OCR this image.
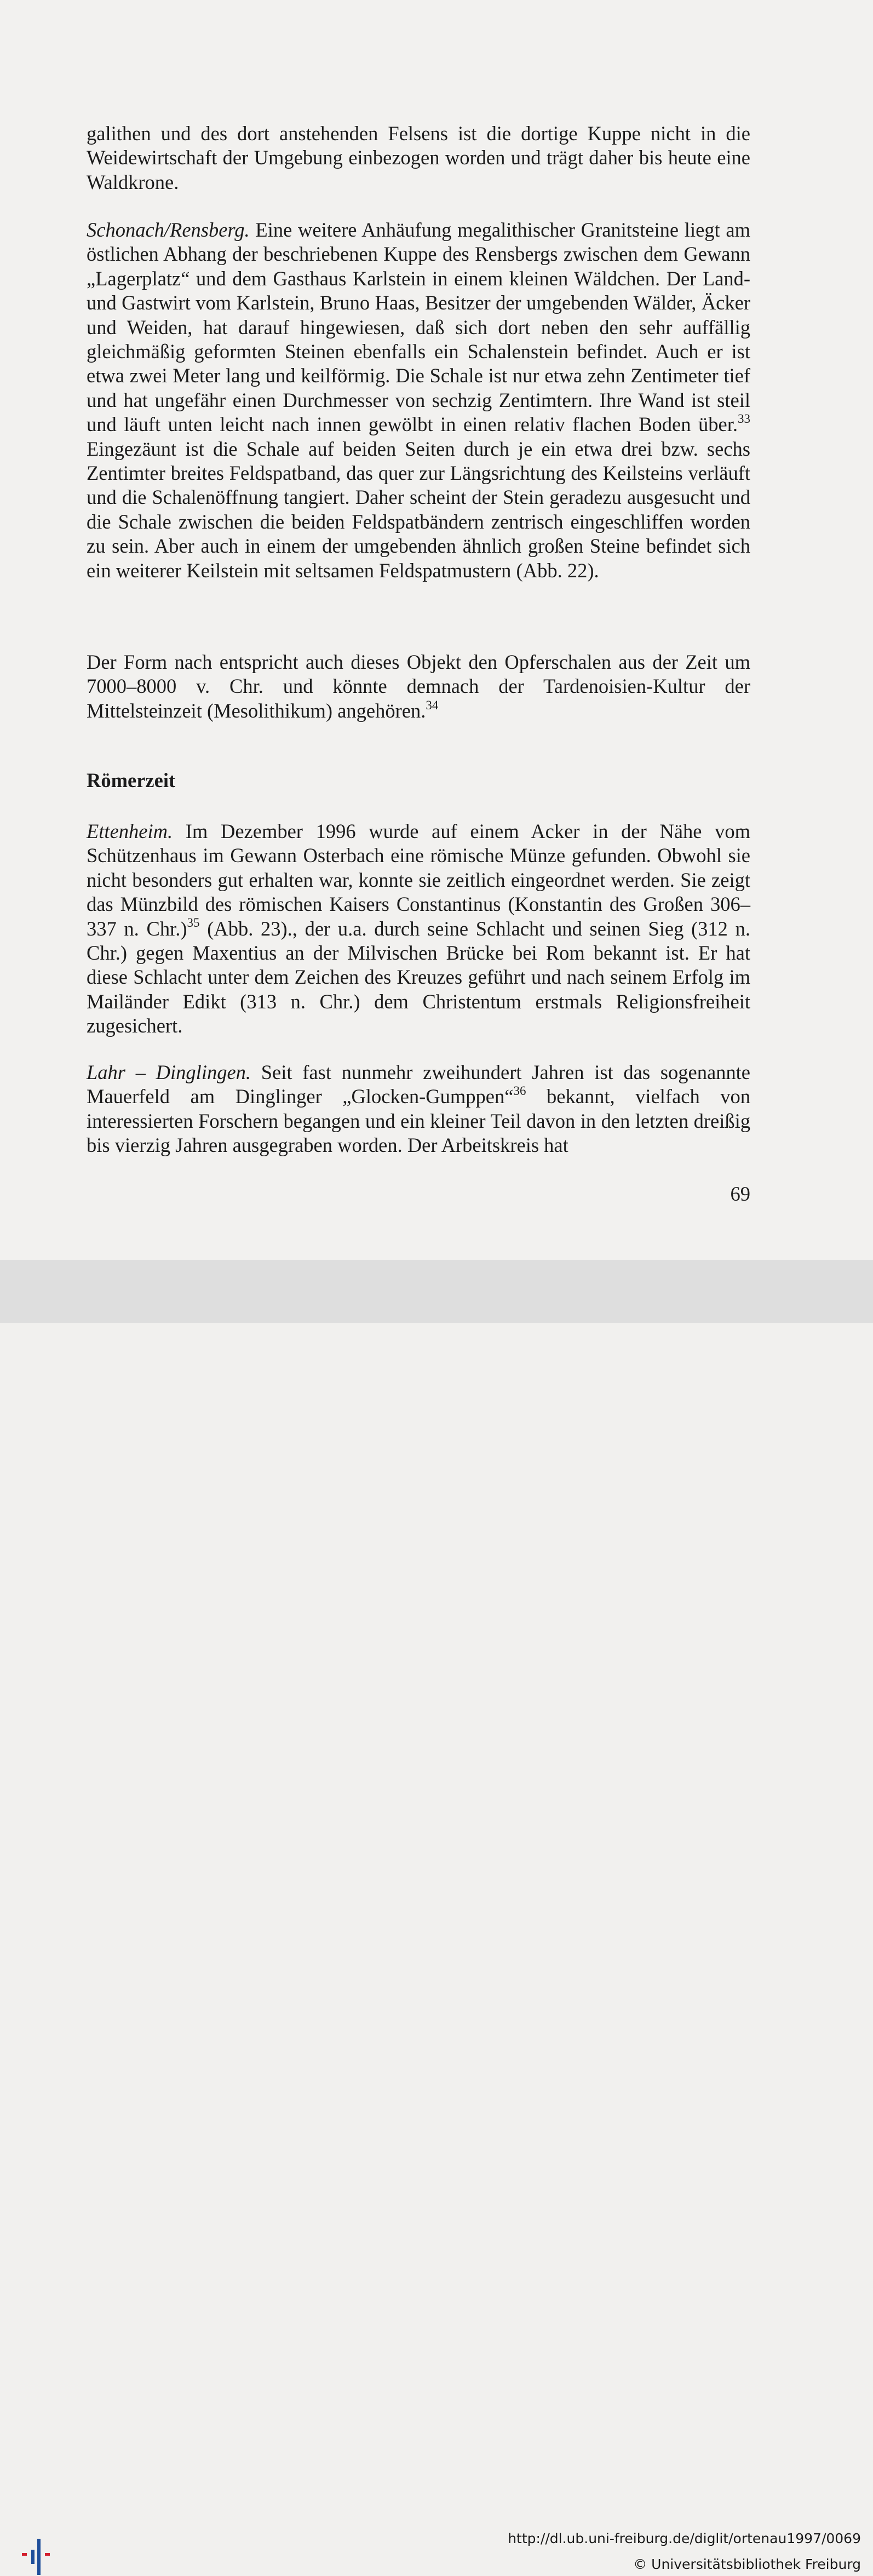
galithen und des dort anstehenden Felsens ist die dortige Kuppe nicht in die Weidewirtschaft der Umgebung einbezogen worden und trägt daher bis heute eine Waldkrone.

Schonach/Rensberg. Eine weitere Anhäufung megalithischer Granitsteine liegt am östlichen Abhang der beschriebenen Kuppe des Rensbergs zwischen dem Gewann „Lagerplatz“ und dem Gasthaus Karlstein in einem kleinen Wäldchen. Der Land- und Gastwirt vom Karlstein, Bruno Haas, Besitzer der umgebenden Wälder, Äcker und Weiden, hat darauf hingewiesen, daß sich dort neben den sehr auffällig gleichmäßig geformten Steinen ebenfalls ein Schalenstein befindet. Auch er ist etwa zwei Meter lang und keilförmig. Die Schale ist nur etwa zehn Zentimeter tief und hat ungefähr einen Durchmesser von sechzig Zentimtern. Ihre Wand ist steil und läuft unten leicht nach innen gewölbt in einen relativ flachen Boden über.$^{33}$ Eingezäunt ist die Schale auf beiden Seiten durch je ein etwa drei bzw. sechs Zentimter breites Feldspatband, das quer zur Längsrichtung des Keilsteins verläuft und die Schalenöffnung tangiert. Daher scheint der Stein geradezu ausgesucht und die Schale zwischen die beiden Feldspatbändern zentrisch eingeschliffen worden zu sein. Aber auch in einem der umgebenden ähnlich großen Steine befindet sich ein weiterer Keilstein mit seltsamen Feldspatmustern (Abb. 22).

Der Form nach entspricht auch dieses Objekt den Opferschalen aus der Zeit um 7000–8000 v. Chr. und könnte demnach der Tardenoisien-Kultur der Mittelsteinzeit (Mesolithikum) angehören.$^{34}$

Römerzeit

Ettenheim. Im Dezember 1996 wurde auf einem Acker in der Nähe vom Schützenhaus im Gewann Osterbach eine römische Münze gefunden. Obwohl sie nicht besonders gut erhalten war, konnte sie zeitlich eingeordnet werden. Sie zeigt das Münzbild des römischen Kaisers Constantinus (Konstantin des Großen 306–337 n. Chr.)$^{35}$ (Abb. 23)., der u.a. durch seine Schlacht und seinen Sieg (312 n. Chr.) gegen Maxentius an der Milvischen Brücke bei Rom bekannt ist. Er hat diese Schlacht unter dem Zeichen des Kreuzes geführt und nach seinem Erfolg im Mailänder Edikt (313 n. Chr.) dem Christentum erstmals Religionsfreiheit zugesichert.

Lahr – Dinglingen. Seit fast nunmehr zweihundert Jahren ist das sogenannte Mauerfeld am Dinglinger „Glocken-Gumppen“$^{36}$ bekannt, vielfach von interessierten Forschern begangen und ein kleiner Teil davon in den letzten dreißig bis vierzig Jahren ausgegraben worden. Der Arbeitskreis hat

69
http://dl.ub.uni-freiburg.de/diglit/ortenau1997/0069
© Universitätsbibliothek Freiburg
